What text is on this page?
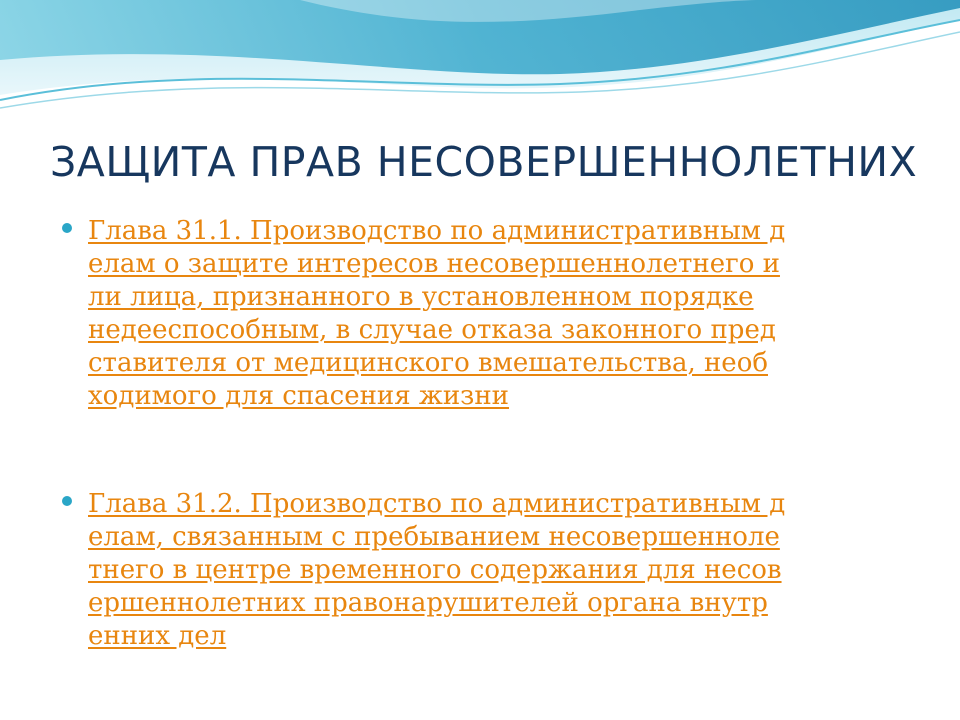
ЗАЩИТА ПРАВ НЕСОВЕРШЕННОЛЕТНИХ
Глава 31.1. Производство по административным д
елам о защите интересов несовершеннолетнего и
ли лица, признанного в установленном порядке
недееспособным, в случае отказа законного пред
ставителя от медицинского вмешательства, необ
ходимого для спасения жизни
Глава 31.2. Производство по административным д
елам, связанным с пребыванием несовершенноле
тнего в центре временного содержания для несов
ершеннолетних правонарушителей органа внутр
енних дел
